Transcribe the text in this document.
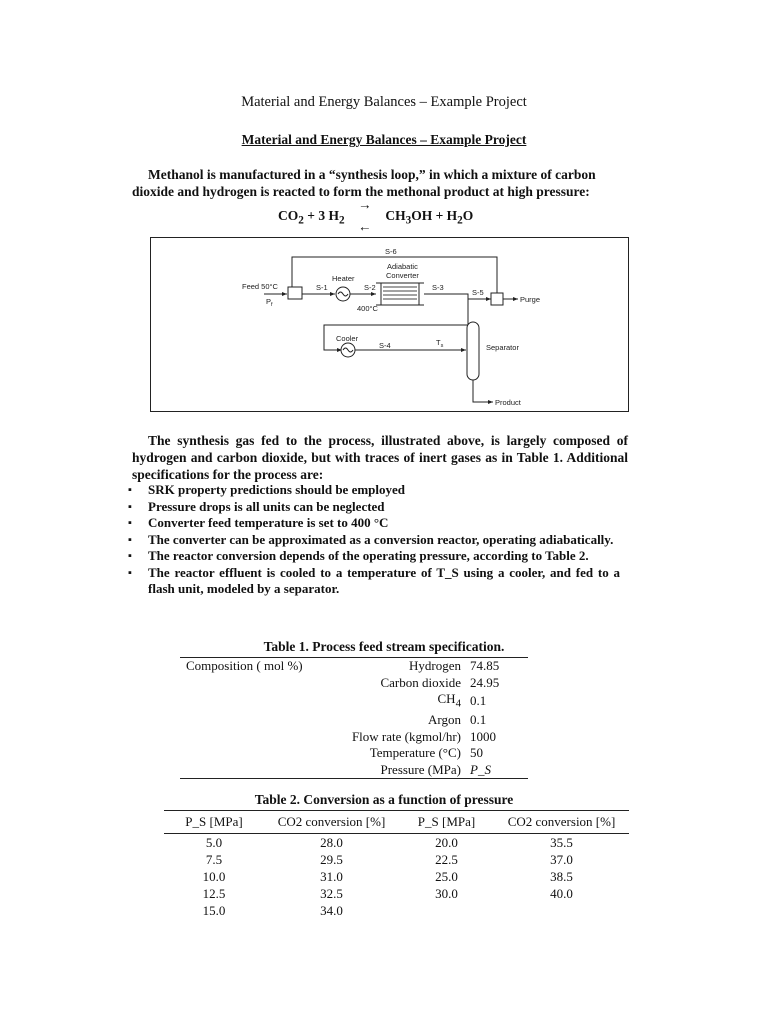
Material and Energy Balances – Example Project
Material and Energy Balances – Example Project

Methanol is manufactured in a “synthesis loop,” in which a mixture of carbon

dioxide and hydrogen is reacted to form the methonal product at high pressure:
$CO_2 + 3$ $H_2$
→
←
$CH_3OH + H_2O$
S-6
Feed 50°C
$P_f$
S-1
Heater
S-2
400°C
Adiabatic
Converter
S-3
S-5
Purge
Cooler
S-4	$T_s$	Separator
Product

The synthesis gas fed to the process, illustrated above, is largely composed of hydrogen and carbon dioxide, but with traces of inert gases as in Table 1. Additional specifications for the process are:

▪ SRK property predictions should be employed
▪ Pressure drops is all units can be neglected
▪ Converter feed temperature is set to 400 °C
▪ The converter can be approximated as a conversion reactor, operating adiabatically.
▪ The reactor conversion depends of the operating pressure, according to Table 2.
▪ The reactor effluent is cooled to a temperature of T_S using a cooler, and fed to a flash unit, modeled by a separator.
Table 1. Process feed stream specification.
Composition ( mol %)	Hydrogen	74.85
	Carbon dioxide	24.95
	$CH_4$	0.1
	Argon	0.1
Flow rate (kgmol/hr)		1000
	Temperature (°C)	50
	Pressure (MPa)	P_S
Table 2. Conversion as a function of pressure
P_S [MPa]	CO2 conversion [%]	P_S [MPa]	CO2 conversion [%]
5.0	28.0	20.0	35.5
7.5	29.5	22.5	37.0
10.0	31.0	25.0	38.5
12.5	32.5	30.0	40.0
15.0	34.0		
